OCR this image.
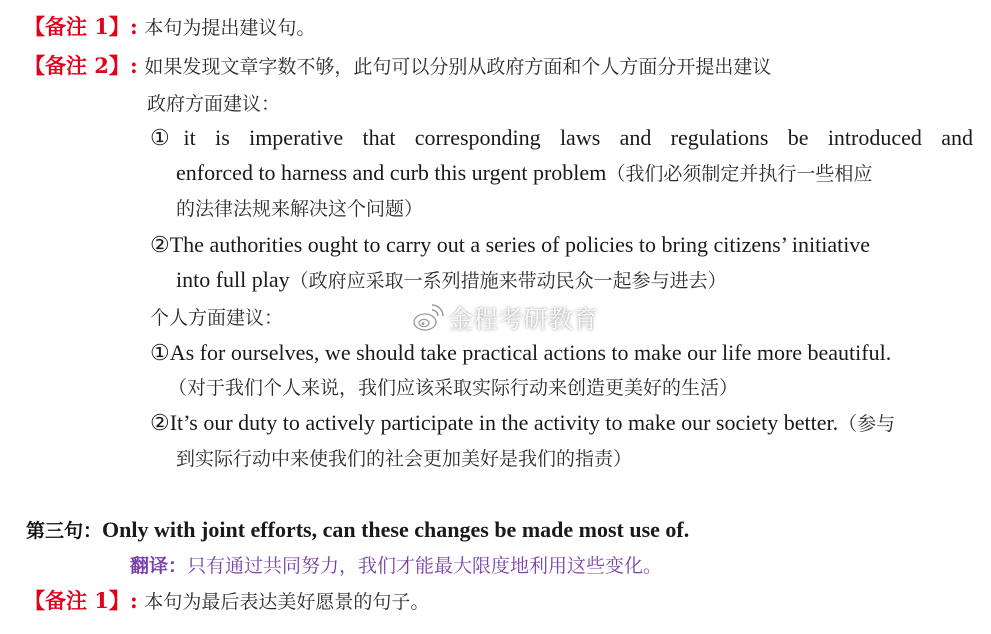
【备注 1】: 本句为提出建议句。
【备注 2】: 如果发现文章字数不够，此句可以分别从政府方面和个人方面分开提出建议
政府方面建议：
①it is imperative that corresponding laws and regulations be introduced and
enforced to harness and curb this urgent problem（我们必须制定并执行一些相应
的法律法规来解决这个问题）
②The authorities ought to carry out a series of policies to bring citizens’ initiative
into full play（政府应采取一系列措施来带动民众一起参与进去）
个人方面建议：	金程考研教育
①As for ourselves, we should take practical actions to make our life more beautiful.
（对于我们个人来说，我们应该采取实际行动来创造更美好的生活）
②It’s our duty to actively participate in the activity to make our society better.（参与
到实际行动中来使我们的社会更加美好是我们的指责）
第三句：Only with joint efforts, can these changes be made most use of.
翻译：只有通过共同努力，我们才能最大限度地利用这些变化。
【备注 1】: 本句为最后表达美好愿景的句子。
